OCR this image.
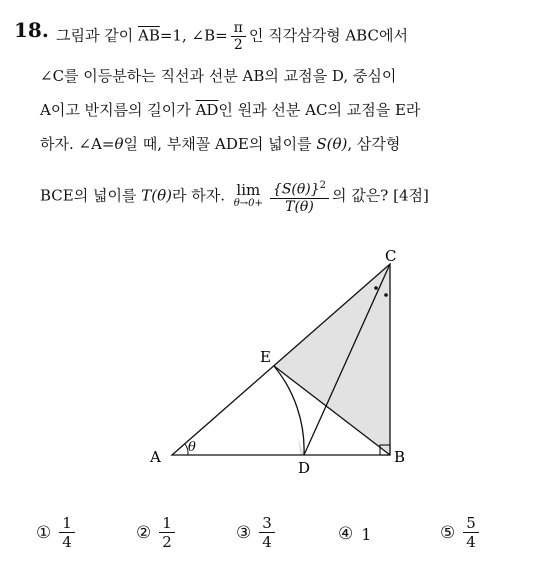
18. 그림과 같이 $\overline{AB}=1$, ∠B= $\frac{\pi}{2}$ 인 직각삼각형 ABC에서
∠C를 이등분하는 직선과 선분 AB의 교점을 D, 중심이
A이고 반지름의 길이가 $\overline{AD}$인 원과 선분 AC의 교점을 E라
하자. ∠A=θ일 때, 부채꼴 ADE의 넓이를 S(θ), 삼각형
BCE의 넓이를 T(θ)라 하자. lim
$\theta\to 0+ \frac{\{S(\theta)\}^2}{T(\theta)}$ 의 값은? [4점]
A	B
C
D
E
θ
① $\frac{1}{4}$	② $\frac{1}{2}$	③ $\frac{3}{4}$	④ 1	⑤ $\frac{5}{4}$
